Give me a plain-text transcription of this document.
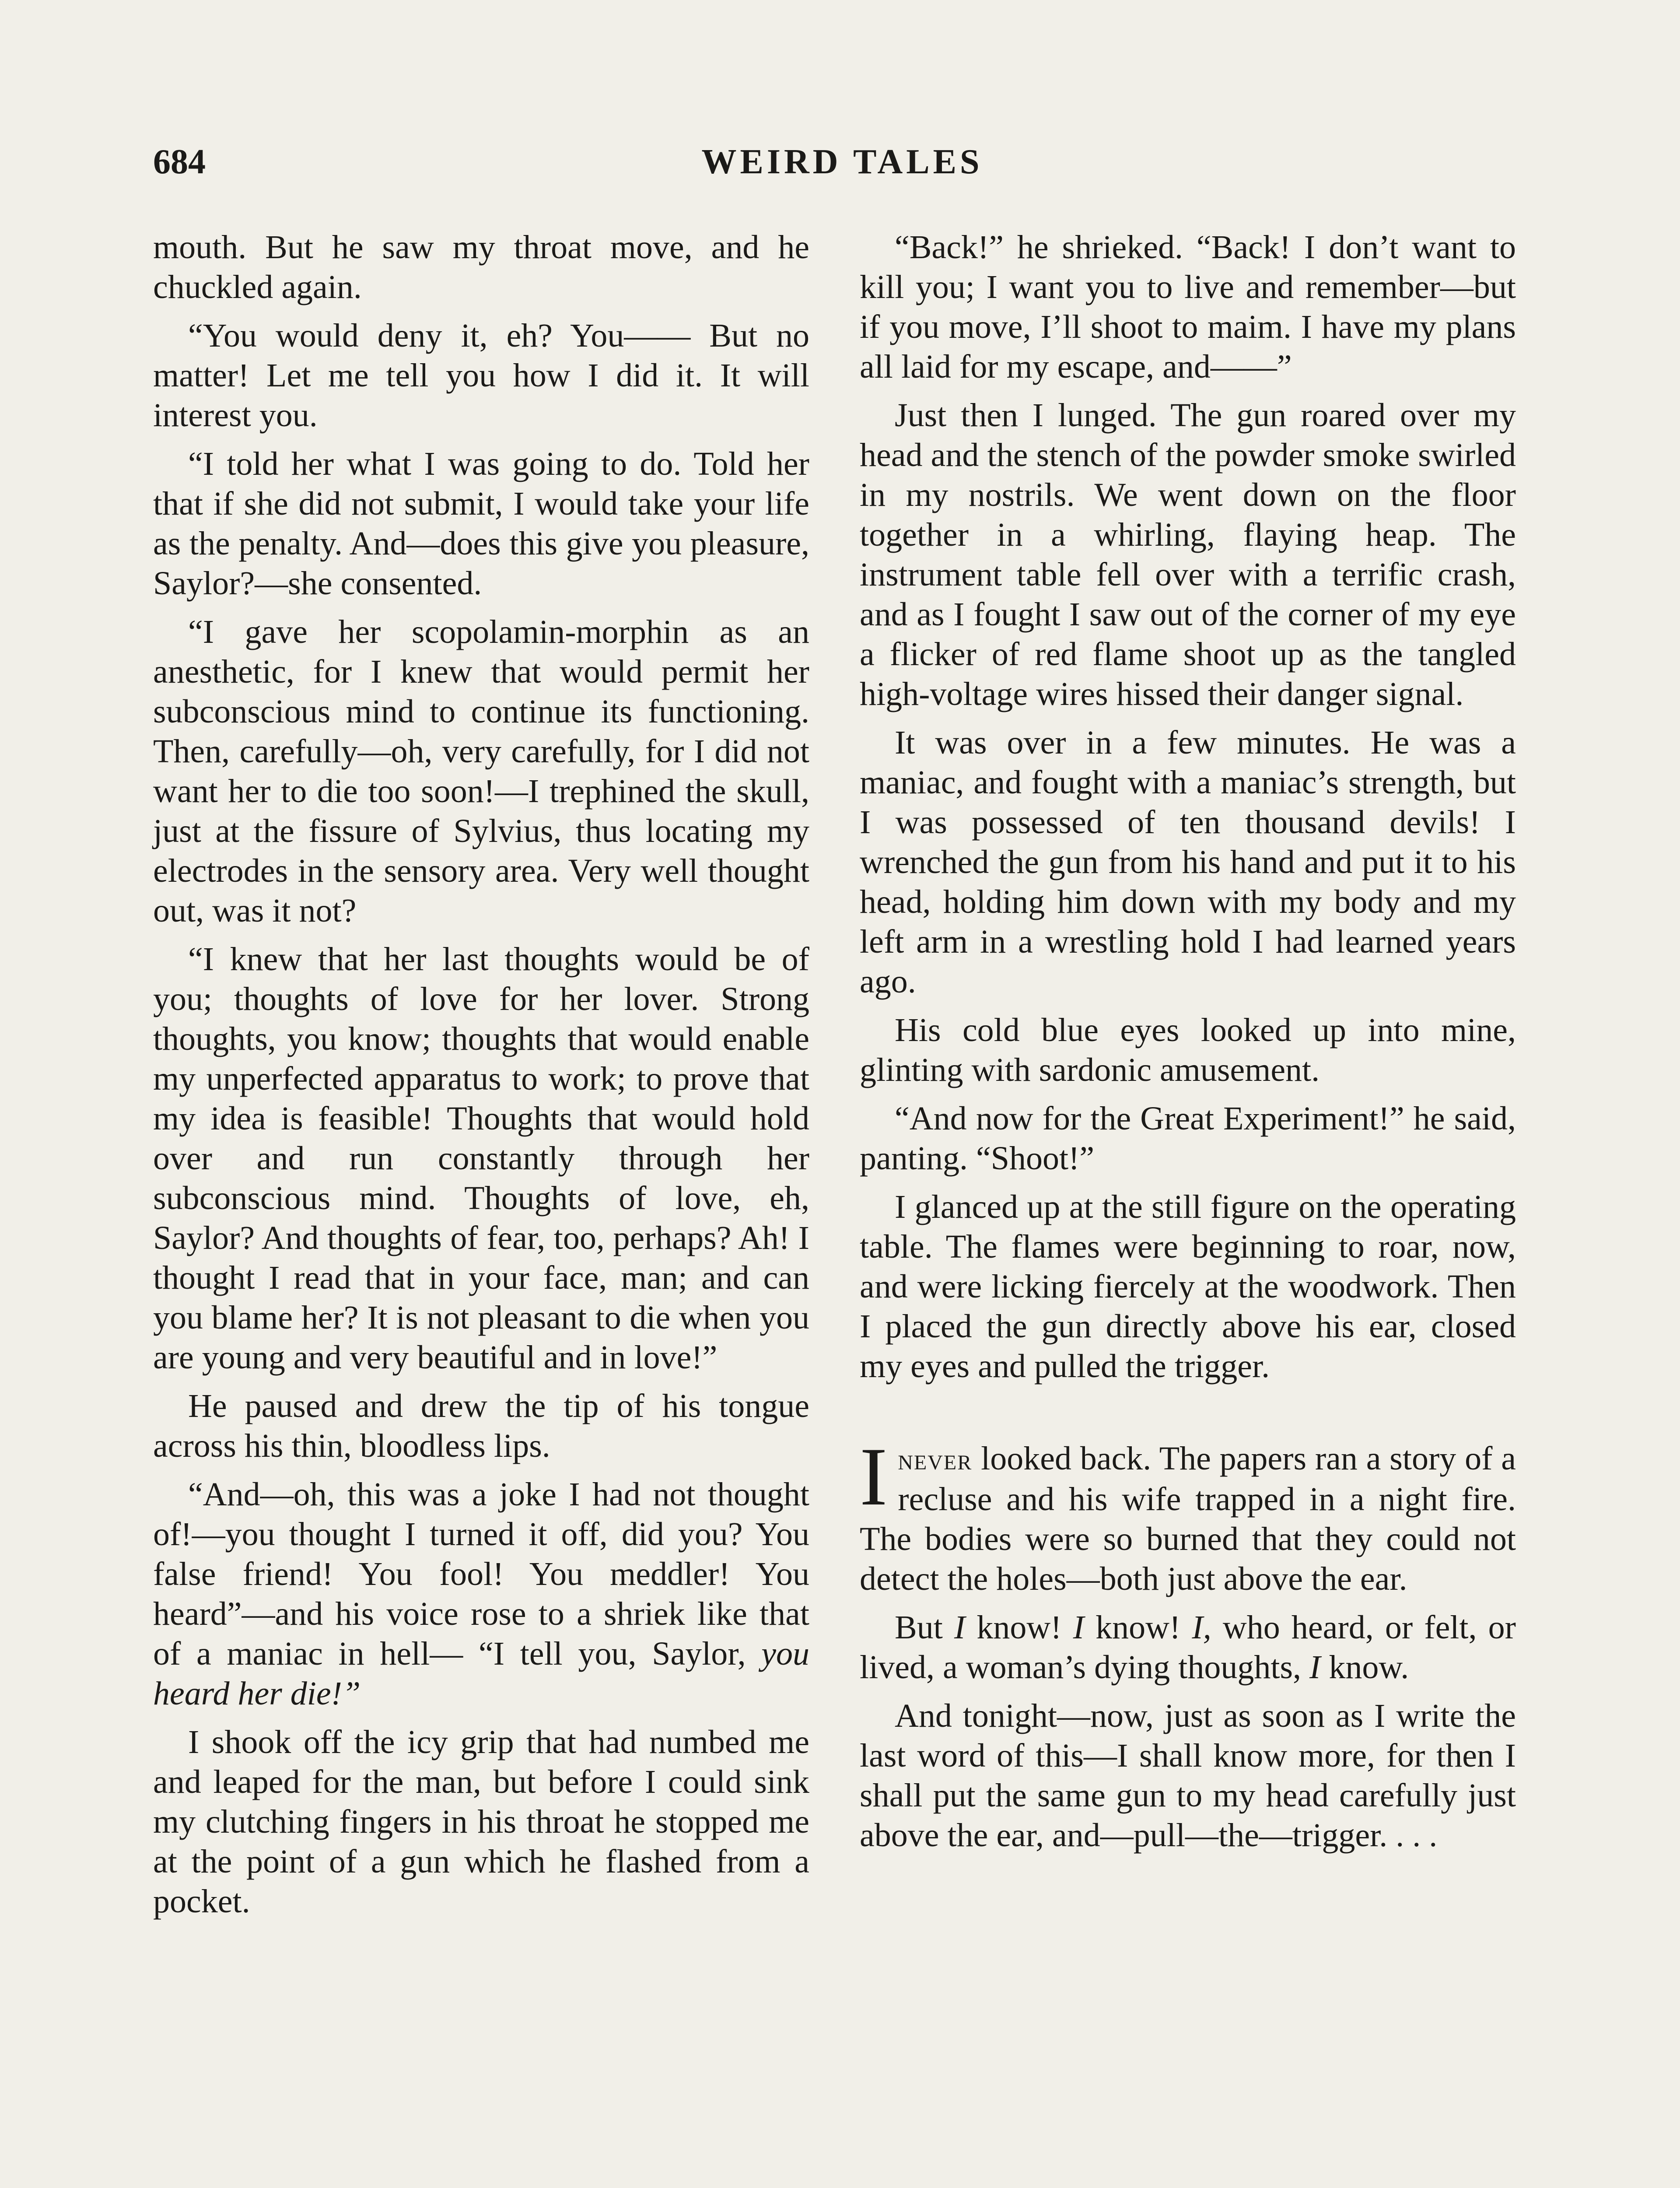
684	WEIRD TALES

mouth. But he saw my throat move, and he chuckled again.

“You would deny it, eh? You—— But no matter! Let me tell you how I did it. It will interest you.

“I told her what I was going to do. Told her that if she did not submit, I would take your life as the penalty. And—does this give you pleasure, Saylor?—she consented.

“I gave her scopolamin-morphin as an anesthetic, for I knew that would permit her subconscious mind to continue its functioning. Then, carefully—oh, very carefully, for I did not want her to die too soon!—I trephined the skull, just at the fissure of Sylvius, thus locating my electrodes in the sensory area. Very well thought out, was it not?

“I knew that her last thoughts would be of you; thoughts of love for her lover. Strong thoughts, you know; thoughts that would enable my unperfected apparatus to work; to prove that my idea is feasible! Thoughts that would hold over and run constantly through her subconscious mind. Thoughts of love, eh, Saylor? And thoughts of fear, too, perhaps? Ah! I thought I read that in your face, man; and can you blame her? It is not pleasant to die when you are young and very beautiful and in love!”

He paused and drew the tip of his tongue across his thin, bloodless lips.

“And—oh, this was a joke I had not thought of!—you thought I turned it off, did you? You false friend! You fool! You meddler! You heard”—and his voice rose to a shriek like that of a maniac in hell— “I tell you, Saylor, you heard her die!”

I shook off the icy grip that had numbed me and leaped for the man, but before I could sink my clutching fingers in his throat he stopped me at the point of a gun which he flashed from a pocket.

“Back!” he shrieked. “Back! I don’t want to kill you; I want you to live and remember—but if you move, I’ll shoot to maim. I have my plans all laid for my escape, and——”

Just then I lunged. The gun roared over my head and the stench of the powder smoke swirled in my nostrils. We went down on the floor together in a whirling, flaying heap. The instrument table fell over with a terrific crash, and as I fought I saw out of the corner of my eye a flicker of red flame shoot up as the tangled high-voltage wires hissed their danger signal.

It was over in a few minutes. He was a maniac, and fought with a maniac’s strength, but I was possessed of ten thousand devils! I wrenched the gun from his hand and put it to his head, holding him down with my body and my left arm in a wrestling hold I had learned years ago.

His cold blue eyes looked up into mine, glinting with sardonic amusement.

“And now for the Great Experiment!” he said, panting. “Shoot!”

I glanced up at the still figure on the operating table. The flames were beginning to roar, now, and were licking fiercely at the woodwork. Then I placed the gun directly above his ear, closed my eyes and pulled the trigger.

Inever looked back. The papers ran a story of a recluse and his wife trapped in a night fire. The bodies were so burned that they could not detect the holes—both just above the ear.

But I know! I know! I, who heard, or felt, or lived, a woman’s dying thoughts, I know.

And tonight—now, just as soon as I write the last word of this—I shall know more, for then I shall put the same gun to my head carefully just above the ear, and—pull—the—trigger. . . .
